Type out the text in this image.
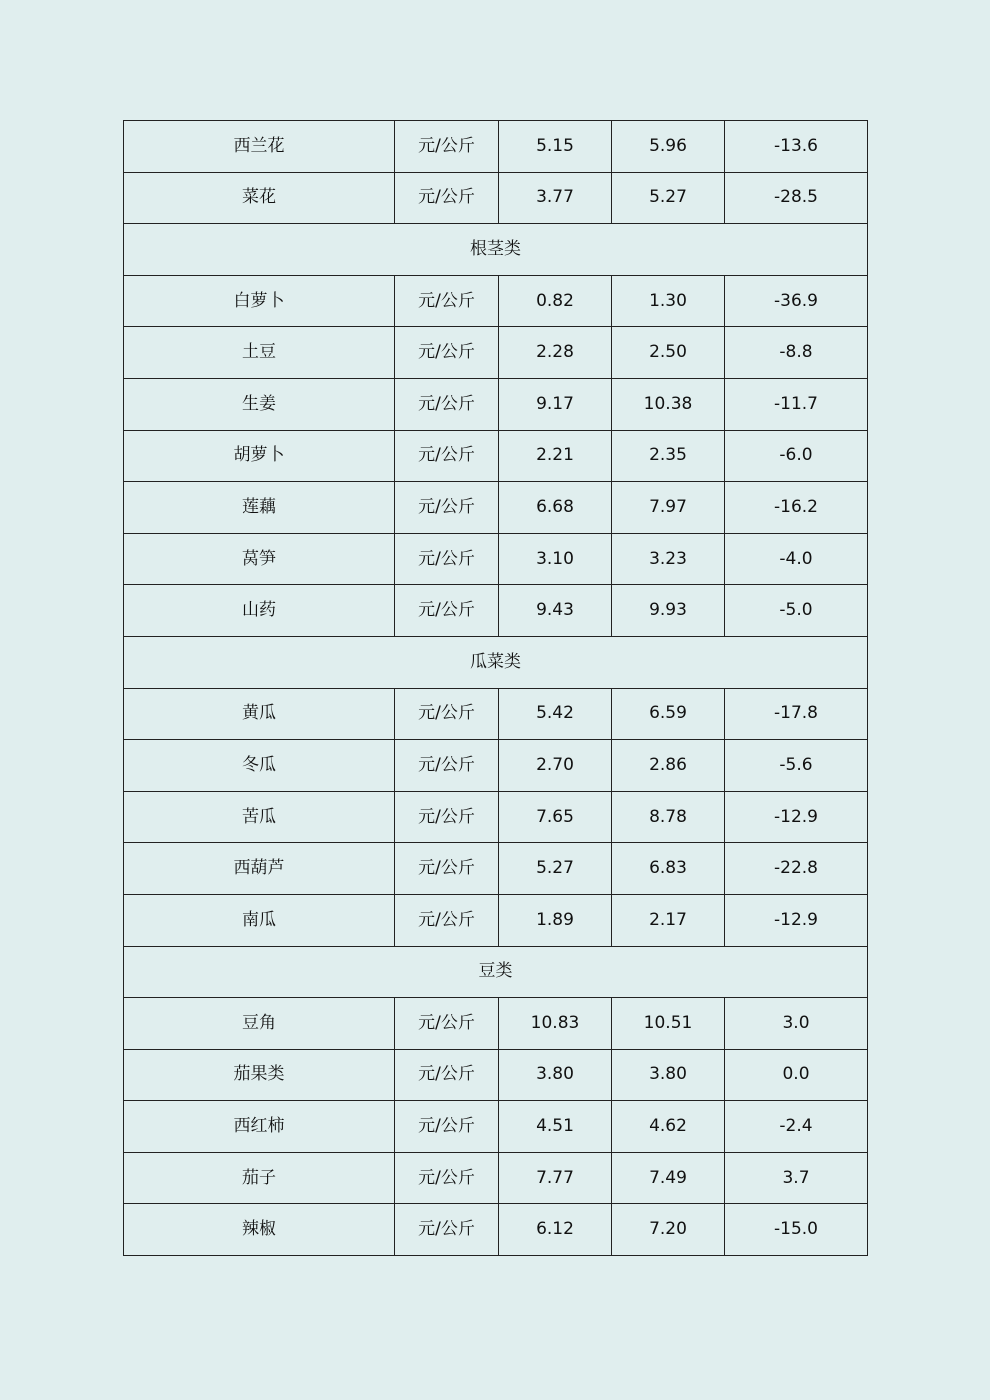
西兰花	元/公斤	5.15	5.96	-13.6
菜花	元/公斤	3.77	5.27	-28.5
根茎类				
白萝卜	元/公斤	0.82	1.30	-36.9
土豆	元/公斤	2.28	2.50	-8.8
生姜	元/公斤	9.17	10.38	-11.7
胡萝卜	元/公斤	2.21	2.35	-6.0
莲藕	元/公斤	6.68	7.97	-16.2
莴笋	元/公斤	3.10	3.23	-4.0
山药	元/公斤	9.43	9.93	-5.0
瓜菜类				
黄瓜	元/公斤	5.42	6.59	-17.8
冬瓜	元/公斤	2.70	2.86	-5.6
苦瓜	元/公斤	7.65	8.78	-12.9
西葫芦	元/公斤	5.27	6.83	-22.8
南瓜	元/公斤	1.89	2.17	-12.9
豆类				
豆角	元/公斤	10.83	10.51	3.0
茄果类	元/公斤	3.80	3.80	0.0
西红柿	元/公斤	4.51	4.62	-2.4
茄子	元/公斤	7.77	7.49	3.7
辣椒	元/公斤	6.12	7.20	-15.0
